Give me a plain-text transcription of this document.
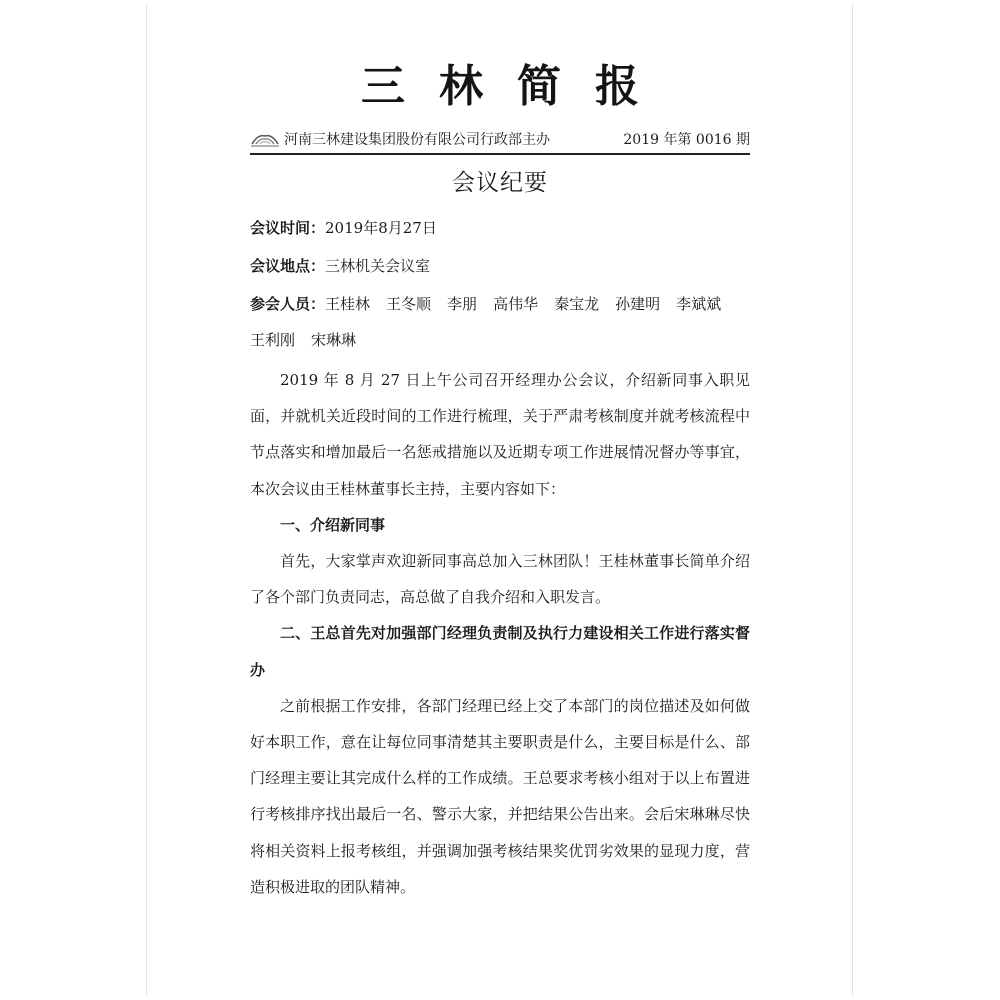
三林简报
河南三林建设集团股份有限公司行政部主办	2019 年第 0016 期
会议纪要
会议时间：2019年8月27日
会议地点：三林机关会议室
参会人员：王桂林 王冬顺 李朋 高伟华 秦宝龙 孙建明 李斌斌王利刚 宋琳琳

2019 年 8 月 27 日上午公司召开经理办公会议，介绍新同事入职见面，并就机关近段时间的工作进行梳理，关于严肃考核制度并就考核流程中节点落实和增加最后一名惩戒措施以及近期专项工作进展情况督办等事宜，本次会议由王桂林董事长主持，主要内容如下：

一、介绍新同事

首先，大家掌声欢迎新同事高总加入三林团队！王桂林董事长简单介绍了各个部门负责同志，高总做了自我介绍和入职发言。

二、王总首先对加强部门经理负责制及执行力建设相关工作进行落实督办

之前根据工作安排，各部门经理已经上交了本部门的岗位描述及如何做好本职工作，意在让每位同事清楚其主要职责是什么，主要目标是什么、部门经理主要让其完成什么样的工作成绩。王总要求考核小组对于以上布置进行考核排序找出最后一名、警示大家，并把结果公告出来。会后宋琳琳尽快将相关资料上报考核组，并强调加强考核结果奖优罚劣效果的显现力度，营造积极进取的团队精神。
